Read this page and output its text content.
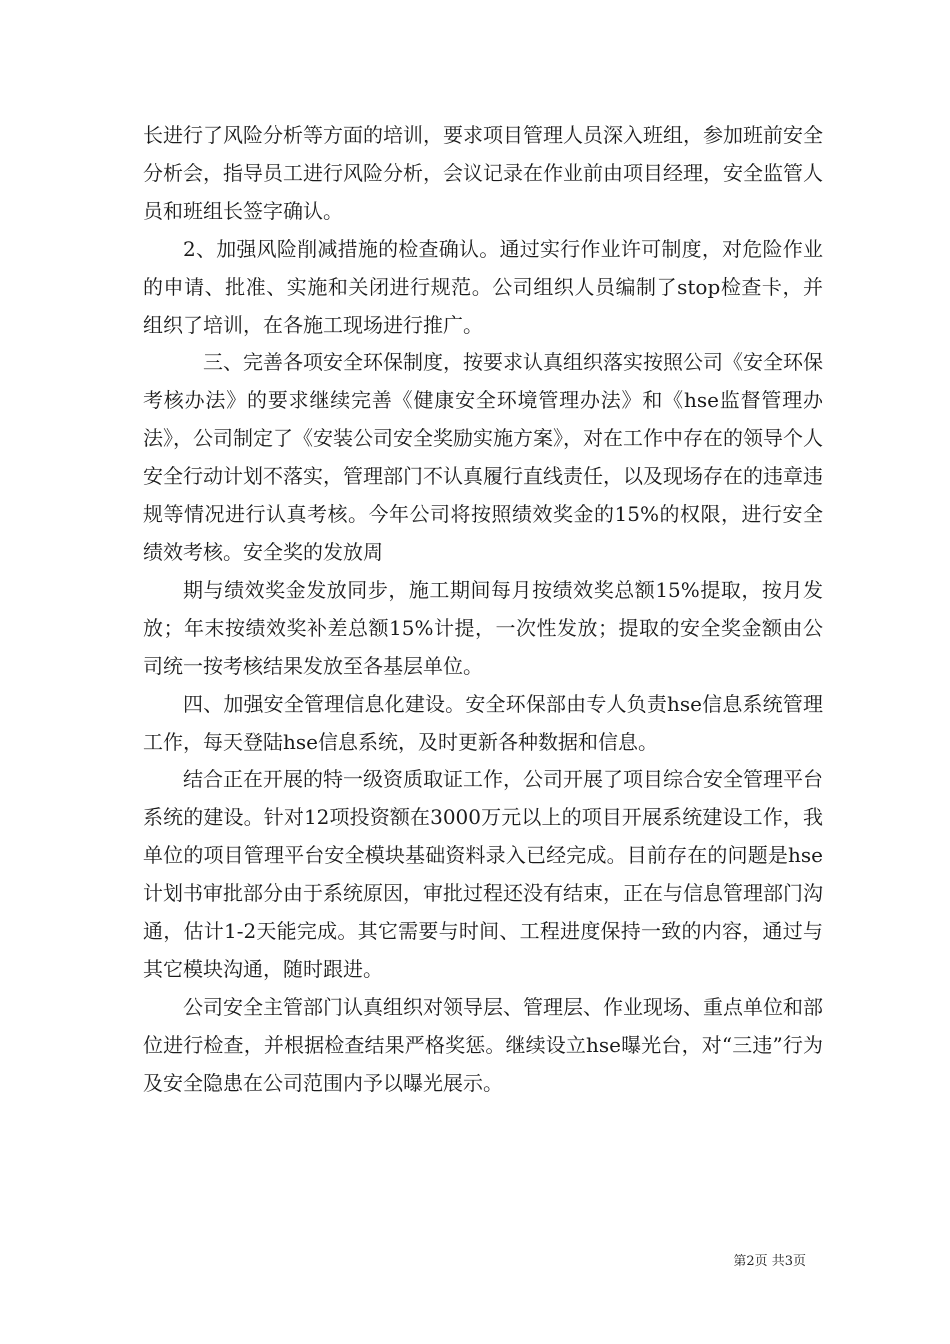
长进行了风险分析等方面的培训，要求项目管理人员深入班组，参加班前安全分析会，指导员工进行风险分析，会议记录在作业前由项目经理，安全监管人员和班组长签字确认。

2、加强风险削减措施的检查确认。通过实行作业许可制度，对危险作业的申请、批准、实施和关闭进行规范。公司组织人员编制了stop检查卡，并组织了培训，在各施工现场进行推广。

三、完善各项安全环保制度，按要求认真组织落实按照公司《安全环保考核办法》的要求继续完善《健康安全环境管理办法》和《hse监督管理办法》，公司制定了《安装公司安全奖励实施方案》，对在工作中存在的领导个人安全行动计划不落实，管理部门不认真履行直线责任，以及现场存在的违章违规等情况进行认真考核。今年公司将按照绩效奖金的15%的权限，进行安全绩效考核。安全奖的发放周

期与绩效奖金发放同步，施工期间每月按绩效奖总额15%提取，按月发放；年末按绩效奖补差总额15%计提，一次性发放；提取的安全奖金额由公司统一按考核结果发放至各基层单位。

四、加强安全管理信息化建设。安全环保部由专人负责hse信息系统管理工作，每天登陆hse信息系统，及时更新各种数据和信息。

结合正在开展的特一级资质取证工作，公司开展了项目综合安全管理平台系统的建设。针对12项投资额在3000万元以上的项目开展系统建设工作，我单位的项目管理平台安全模块基础资料录入已经完成。目前存在的问题是hse计划书审批部分由于系统原因，审批过程还没有结束，正在与信息管理部门沟通，估计1-2天能完成。其它需要与时间、工程进度保持一致的内容，通过与其它模块沟通，随时跟进。

公司安全主管部门认真组织对领导层、管理层、作业现场、重点单位和部位进行检查，并根据检查结果严格奖惩。继续设立hse曝光台，对“三违”行为及安全隐患在公司范围内予以曝光展示。

第2页 共3页
